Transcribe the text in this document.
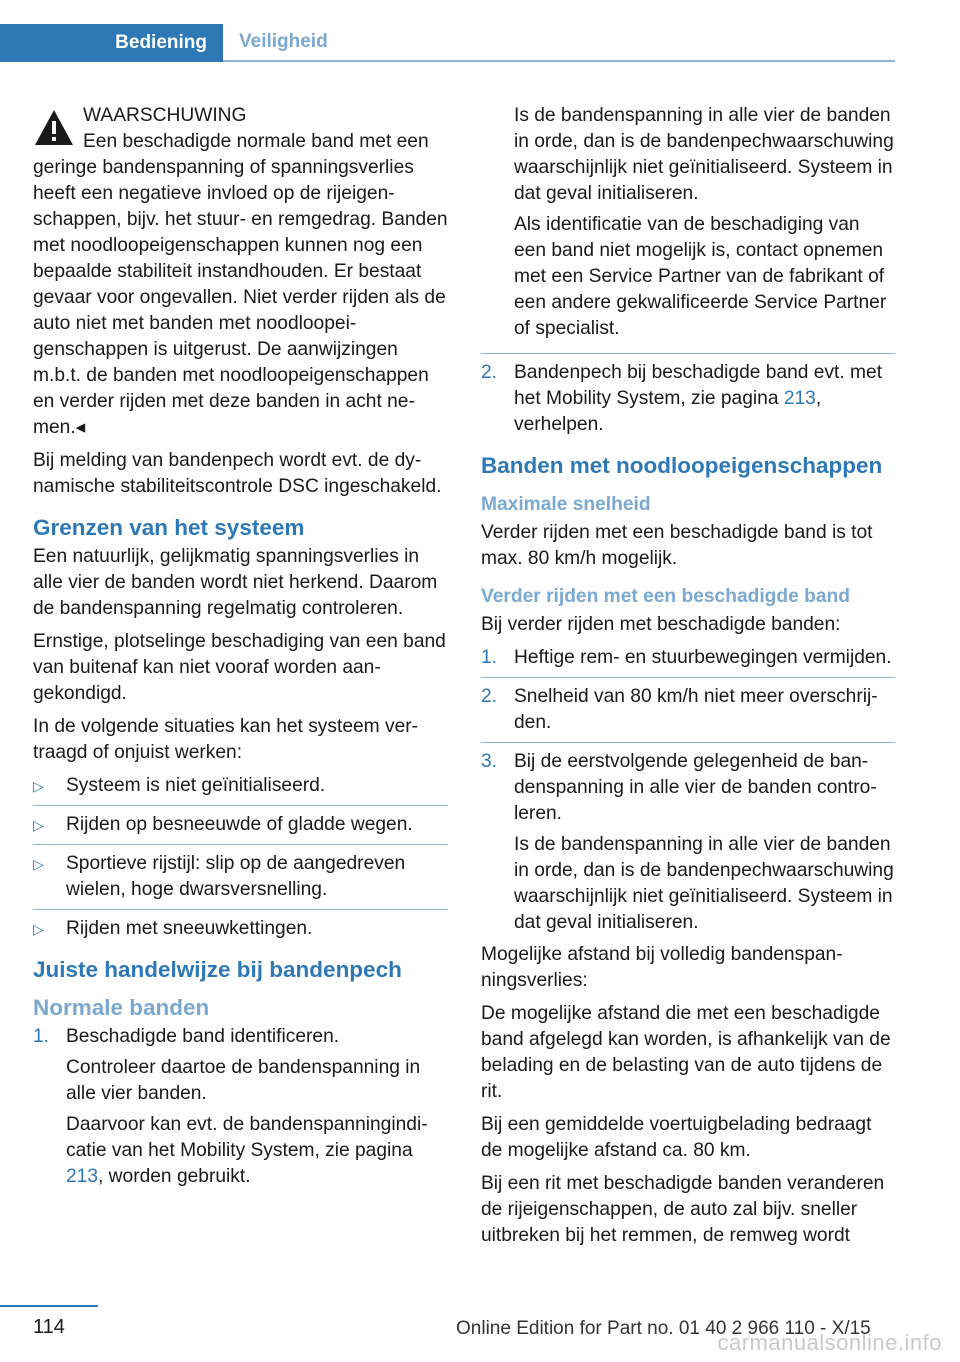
Bediening	Veiligheid

WAARSCHUWING

Een beschadigde normale band met een geringe bandenspanning of spanningsverlies heeft een negatieve invloed op de rijeigenschappen, bijv. het stuur- en remgedrag. Banden met noodloopeigenschappen kunnen nog een bepaalde stabiliteit instandhouden. Er bestaat gevaar voor ongevallen. Niet verder rijden als de auto niet met banden met noodloopeigenschappen is uitgerust. De aanwijzingen m.b.t. de banden met noodloopeigenschappen en verder rijden met deze banden in acht nemen.◂

Bij melding van bandenpech wordt evt. de dynamische stabiliteitscontrole DSC ingeschakeld.

Grenzen van het systeem

Een natuurlijk, gelijkmatig spanningsverlies in alle vier de banden wordt niet herkend. Daarom de bandenspanning regelmatig controleren.

Ernstige, plotselinge beschadiging van een band van buitenaf kan niet vooraf worden aangekondigd.

In de volgende situaties kan het systeem vertraagd of onjuist werken:

▷ Systeem is niet geïnitialiseerd.
▷ Rijden op besneeuwde of gladde wegen.
▷ Sportieve rijstijl: slip op de aangedreven wielen, hoge dwarsversnelling.
▷ Rijden met sneeuwkettingen.
Juiste handelwijze bij bandenpech
Normale banden
1. Beschadigde band identificeren.

Controleer daartoe de bandenspanning in alle vier banden.

Daarvoor kan evt. de bandenspanningindicatie van het Mobility System, zie pagina 213, worden gebruikt.

Is de bandenspanning in alle vier de banden in orde, dan is de bandenpechwaarschuwing waarschijnlijk niet geïnitialiseerd. Systeem in dat geval initialiseren.

Als identificatie van de beschadiging van een band niet mogelijk is, contact opnemen met een Service Partner van de fabrikant of een andere gekwalificeerde Service Partner of specialist.

2. Bandenpech bij beschadigde band evt. met het Mobility System, zie pagina 213, verhelpen.

Banden met noodloopeigenschappen
Maximale snelheid

Verder rijden met een beschadigde band is tot max. 80 km/h mogelijk.

Verder rijden met een beschadigde band

Bij verder rijden met beschadigde banden:

1. Heftige rem- en stuurbewegingen vermijden.
2. Snelheid van 80 km/h niet meer overschrijden.
3. Bij de eerstvolgende gelegenheid de bandenspanning in alle vier de banden controleren.

Is de bandenspanning in alle vier de banden in orde, dan is de bandenpechwaarschuwing waarschijnlijk niet geïnitialiseerd. Systeem in dat geval initialiseren.

Mogelijke afstand bij volledig bandenspanningsverlies:

De mogelijke afstand die met een beschadigde band afgelegd kan worden, is afhankelijk van de belading en de belasting van de auto tijdens de rit.

Bij een gemiddelde voertuigbelading bedraagt de mogelijke afstand ca. 80 km.

Bij een rit met beschadigde banden veranderen de rijeigenschappen, de auto zal bijv. sneller uitbreken bij het remmen, de remweg wordt

114	Online Edition for Part no. 01 40 2 966 110 - X/15
carmanualsonline.info
